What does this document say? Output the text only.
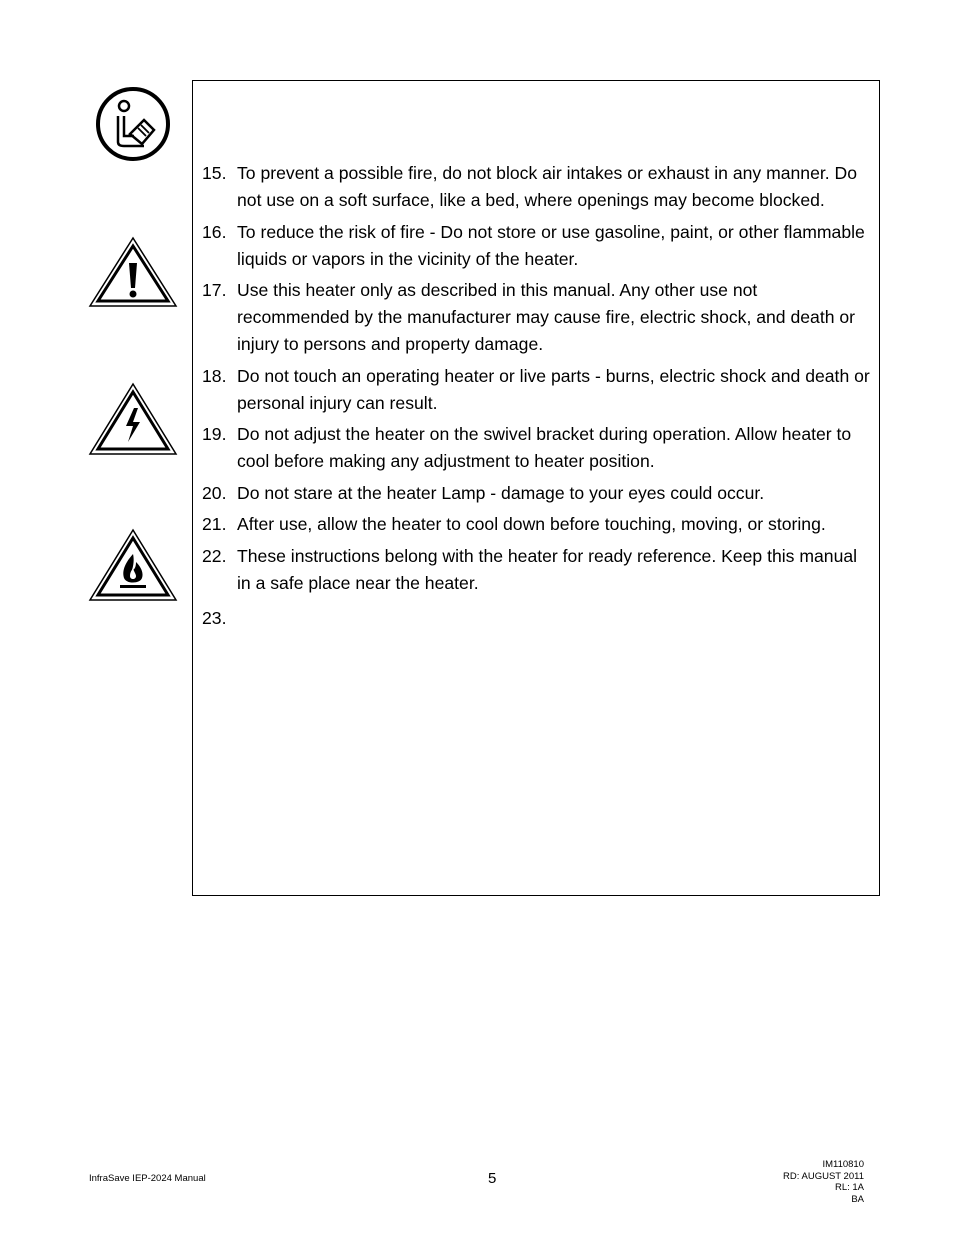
15. To prevent a possible fire, do not block air intakes or exhaust in any manner. Do not use on a soft surface, like a bed, where openings may become blocked.
16. To reduce the risk of fire - Do not store or use gasoline, paint, or other flammable liquids or vapors in the vicinity of the heater.
17. Use this heater only as described in this manual. Any other use not recommended by the manufacturer may cause fire, electric shock, and death or injury to persons and property damage.
18. Do not touch an operating heater or live parts - burns, electric shock and death or personal injury can result.
19. Do not adjust the heater on the swivel bracket during operation. Allow heater to cool before making any adjustment to heater position.
20. Do not stare at the heater Lamp - damage to your eyes could occur.
21. After use, allow the heater to cool down before touching, moving, or storing.
22. These instructions belong with the heater for ready reference. Keep this manual in a safe place near the heater.
23.
InfraSave IEP-2024 Manual	5
IM110810
RD: AUGUST 2011
RL: 1A
BA
